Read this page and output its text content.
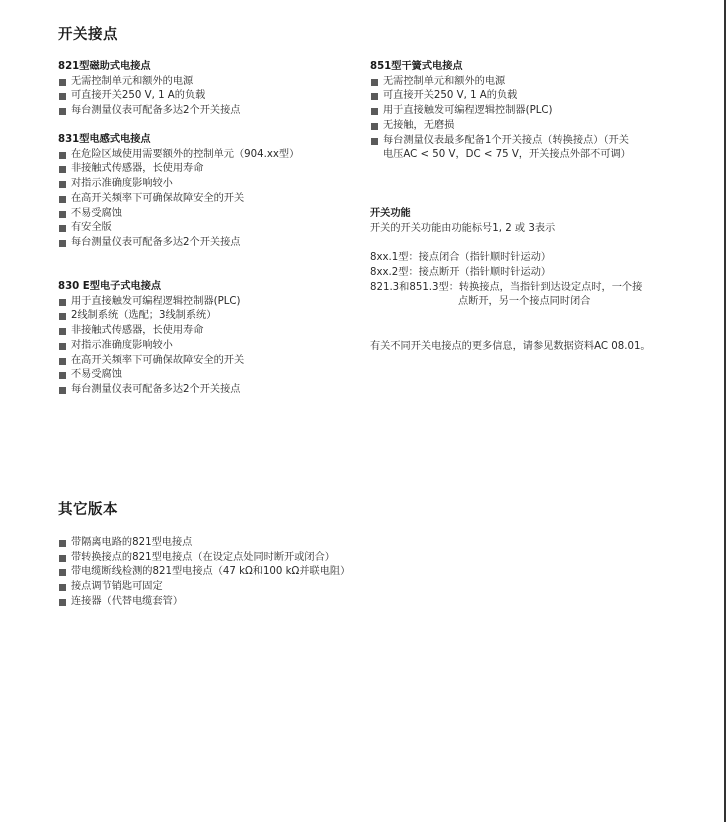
开关接点
821型磁助式电接点
无需控制单元和额外的电源
可直接开关250 V, 1 A的负载
每台测量仪表可配备多达2个开关接点
831型电感式电接点
在危险区域使用需要额外的控制单元（904.xx型）
非接触式传感器，长使用寿命
对指示准确度影响较小
在高开关频率下可确保故障安全的开关
不易受腐蚀
有安全版
每台测量仪表可配备多达2个开关接点
830 E型电子式电接点
用于直接触发可编程逻辑控制器(PLC)
2线制系统（选配；3线制系统）
非接触式传感器，长使用寿命
对指示准确度影响较小
在高开关频率下可确保故障安全的开关
不易受腐蚀
每台测量仪表可配备多达2个开关接点
851型干簧式电接点
无需控制单元和额外的电源
可直接开关250 V, 1 A的负载
用于直接触发可编程逻辑控制器(PLC)
无接触，无磨损
每台测量仪表最多配备1个开关接点（转换接点）（开关
电压AC < 50 V，DC < 75 V，开关接点外部不可调）
开关功能
开关的开关功能由功能标号1, 2 或 3表示
8xx.1型：接点闭合（指针顺时针运动）
8xx.2型：接点断开（指针顺时针运动）
821.3和851.3型：转换接点，当指针到达设定点时，一个接
点断开，另一个接点同时闭合
有关不同开关电接点的更多信息，请参见数据资料AC 08.01。
其它版本
带隔离电路的821型电接点
带转换接点的821型电接点（在设定点处同时断开或闭合）
带电缆断线检测的821型电接点（47 kΩ和100 kΩ并联电阻）
接点调节销匙可固定
连接器（代替电缆套管）
